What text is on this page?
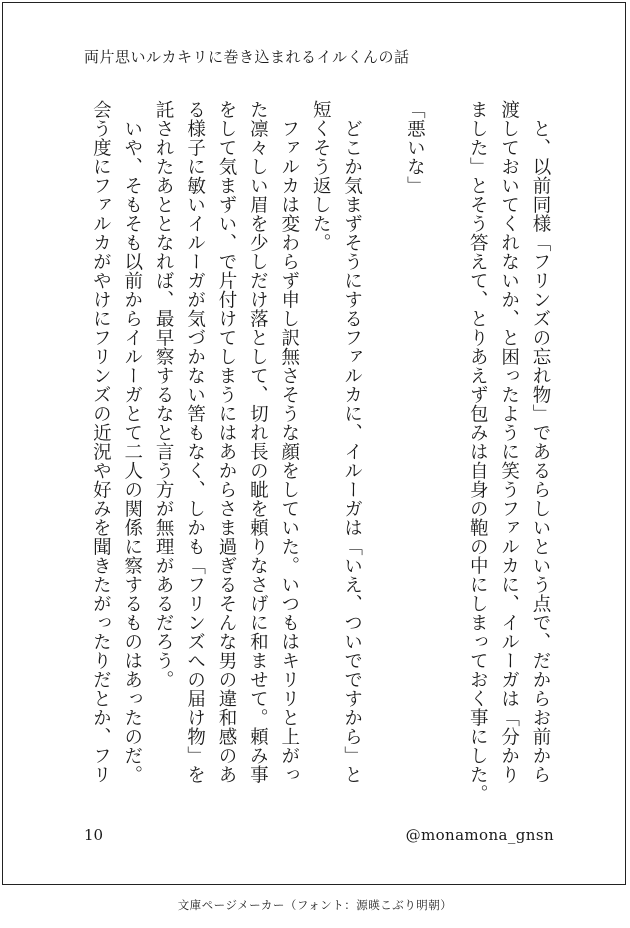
両片思いルカキリに巻き込まれるイルくんの話

　と、以前同様「フリンズの忘れ物」であるらしいという点で、だからお前から

渡しておいてくれないか、と困ったように笑うファルカに、イルーガは「分かり

ました」とそう答えて、とりあえず包みは自身の鞄の中にしまっておく事にした。

「悪いな」

　どこか気まずそうにするファルカに、イルーガは「いえ、ついでですから」と

短くそう返した。

　ファルカは変わらず申し訳無さそうな顔をしていた。いつもはキリリと上がっ

た凛々しい眉を少しだけ落として、切れ長の眦を頼りなさげに和ませて。頼み事

をして気まずい、で片付けてしまうにはあからさま過ぎるそんな男の違和感のあ

る様子に敏いイルーガが気づかない筈もなく、しかも「フリンズへの届け物」を

託されたあととなれば、最早察するなと言う方が無理があるだろう。

　いや、そもそも以前からイルーガとて二人の関係に察するものはあったのだ。

会う度にファルカがやけにフリンズの近況や好みを聞きたがったりだとか、フリ

10	@monamona_gnsn
文庫ページメーカー（フォント：源暎こぶり明朝）
